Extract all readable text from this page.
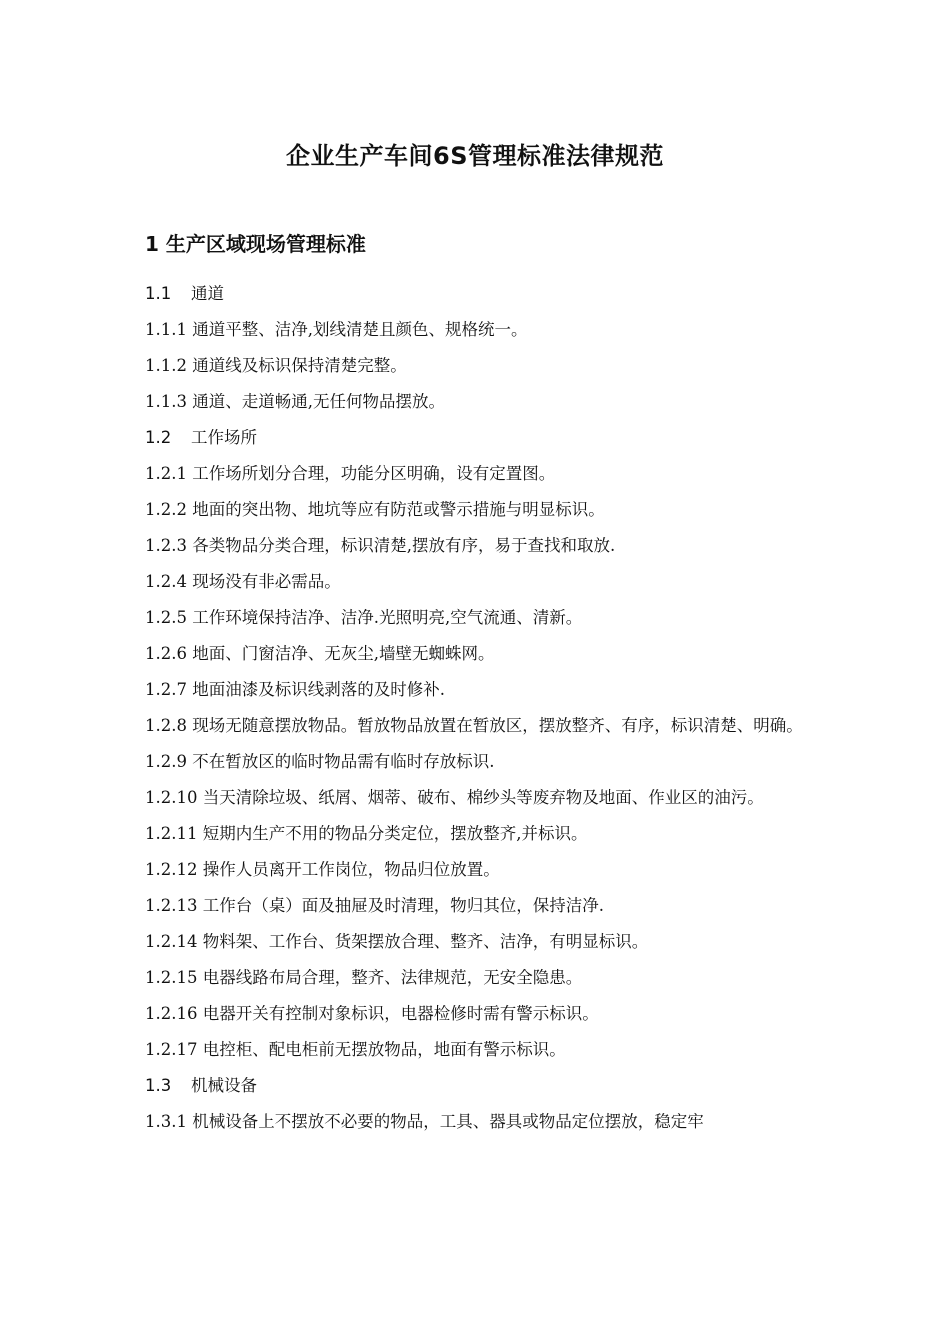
企业生产车间6S管理标准法律规范
1 生产区域现场管理标准
1.1 通道
1.1.1 通道平整、洁净,划线清楚且颜色、规格统一。
1.1.2 通道线及标识保持清楚完整。
1.1.3 通道、走道畅通,无任何物品摆放。
1.2 工作场所
1.2.1 工作场所划分合理，功能分区明确，设有定置图。
1.2.2 地面的突出物、地坑等应有防范或警示措施与明显标识。
1.2.3 各类物品分类合理，标识清楚,摆放有序，易于查找和取放.
1.2.4 现场没有非必需品。
1.2.5 工作环境保持洁净、洁净.光照明亮,空气流通、清新。
1.2.6 地面、门窗洁净、无灰尘,墙壁无蜘蛛网。
1.2.7 地面油漆及标识线剥落的及时修补.
1.2.8 现场无随意摆放物品。暂放物品放置在暂放区，摆放整齐、有序，标识清楚、明确。
1.2.9 不在暂放区的临时物品需有临时存放标识.
1.2.10 当天清除垃圾、纸屑、烟蒂、破布、棉纱头等废弃物及地面、作业区的油污。
1.2.11 短期内生产不用的物品分类定位，摆放整齐,并标识。
1.2.12 操作人员离开工作岗位，物品归位放置。
1.2.13 工作台（桌）面及抽屉及时清理，物归其位，保持洁净.
1.2.14 物料架、工作台、货架摆放合理、整齐、洁净，有明显标识。
1.2.15 电器线路布局合理，整齐、法律规范，无安全隐患。
1.2.16 电器开关有控制对象标识，电器检修时需有警示标识。
1.2.17 电控柜、配电柜前无摆放物品，地面有警示标识。
1.3 机械设备
1.3.1 机械设备上不摆放不必要的物品，工具、器具或物品定位摆放，稳定牢
